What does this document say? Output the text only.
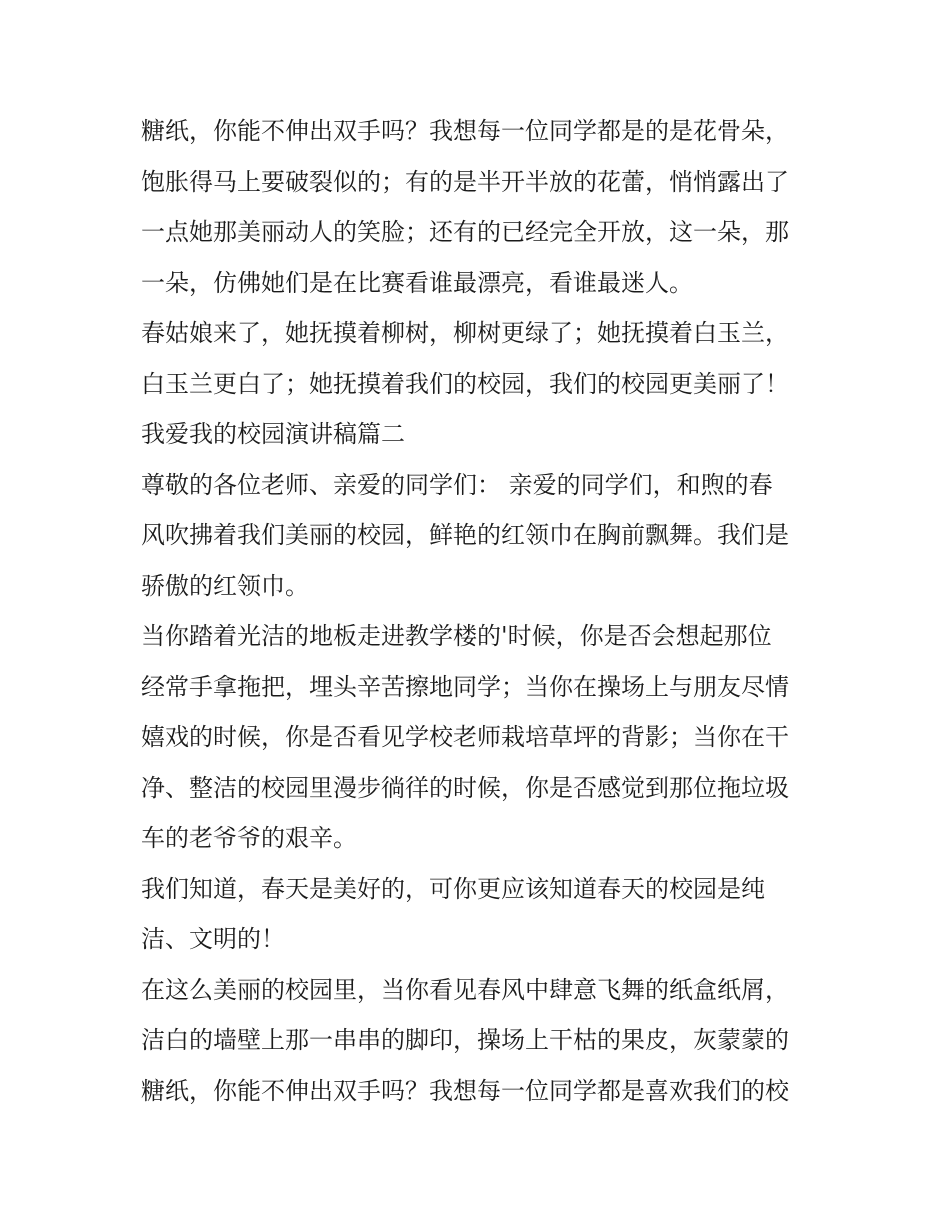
糖纸，你能不伸出双手吗？我想每一位同学都是的是花骨朵，
饱胀得马上要破裂似的；有的是半开半放的花蕾，悄悄露出了
一点她那美丽动人的笑脸；还有的已经完全开放，这一朵，那
一朵，仿佛她们是在比赛看谁最漂亮，看谁最迷人。
春姑娘来了，她抚摸着柳树，柳树更绿了；她抚摸着白玉兰，
白玉兰更白了；她抚摸着我们的校园，我们的校园更美丽了！
我爱我的校园演讲稿篇二
尊敬的各位老师、亲爱的同学们： 亲爱的同学们，和煦的春
风吹拂着我们美丽的校园，鲜艳的红领巾在胸前飘舞。我们是
骄傲的红领巾。
当你踏着光洁的地板走进教学楼的'时候，你是否会想起那位
经常手拿拖把，埋头辛苦擦地同学；当你在操场上与朋友尽情
嬉戏的时候，你是否看见学校老师栽培草坪的背影；当你在干
净、整洁的校园里漫步徜徉的时候，你是否感觉到那位拖垃圾
车的老爷爷的艰辛。
我们知道，春天是美好的，可你更应该知道春天的校园是纯
洁、文明的！
在这么美丽的校园里，当你看见春风中肆意飞舞的纸盒纸屑，
洁白的墙壁上那一串串的脚印，操场上干枯的果皮，灰蒙蒙的
糖纸，你能不伸出双手吗？我想每一位同学都是喜欢我们的校
